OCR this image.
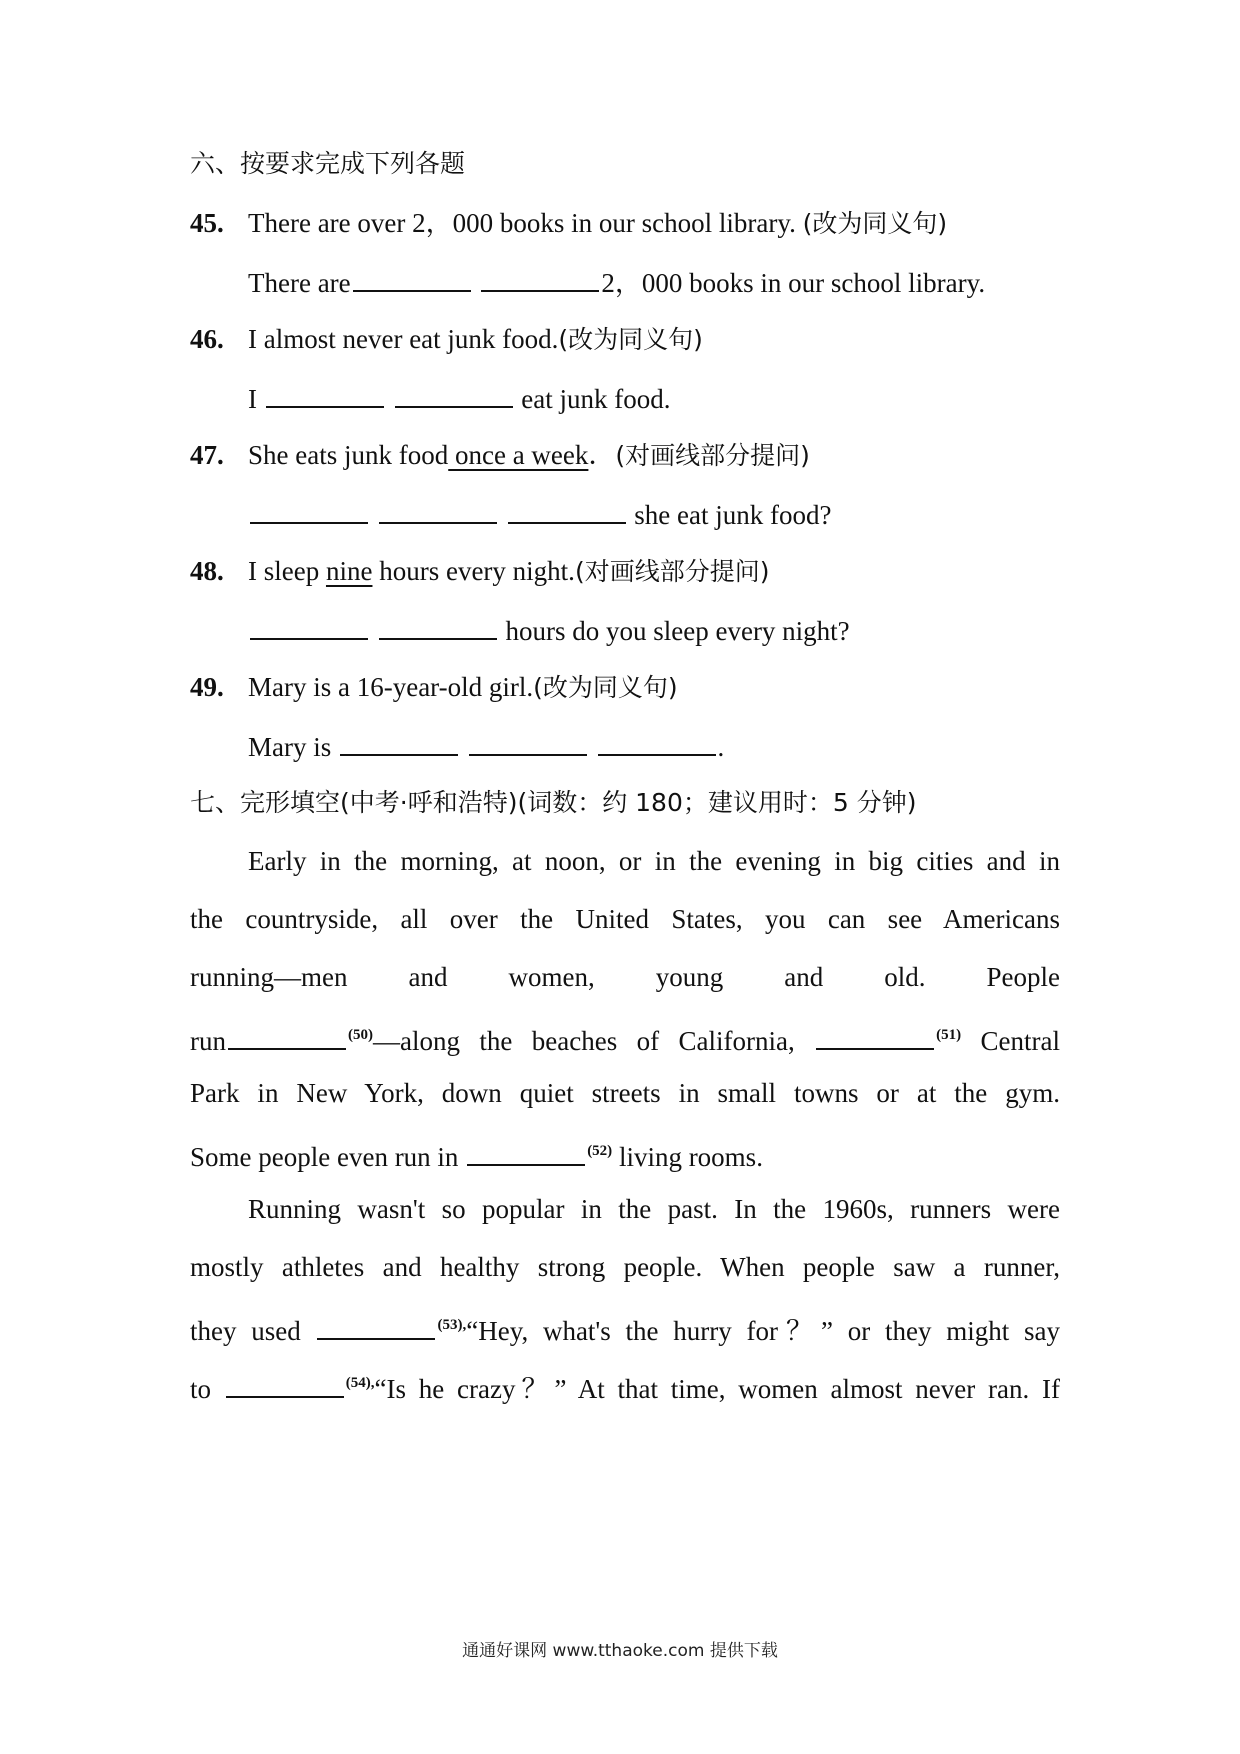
六、按要求完成下列各题
45. There are over 2，000 books in our school library. (改为同义句)
There are	2，000 books in our school library.
46. I almost never eat junk food.(改为同义句)
I	eat junk food.
47. She eats junk food once a week．(对画线部分提问)
she eat junk food?
48. I sleep nine hours every night.(对画线部分提问)
hours do you sleep every night?
49. Mary is a 16-year-old girl.(改为同义句)
Mary is	.
七、完形填空(中考·呼和浩特)(词数：约 180；建议用时：5 分钟)
Early in the morning, at noon, or in the evening in big cities and in
the countryside, all over the United States, you can see Americans
running—men and women, young and old. People
run	$^{(50)}$—along the beaches of California,	$^{(51)}$ Central
Park in New York, down quiet streets in small towns or at the gym.
Some people even run in	$^{(52)}$ living rooms.
Running wasn't so popular in the past. In the 1960s, runners were
mostly athletes and healthy strong people. When people saw a runner,
they used	$^{(53),}$“Hey, what's the hurry for？” or they might say
to	$^{(54),}$“Is he crazy？” At that time, women almost never ran. If
通通好课网 www.tthaoke.com 提供下载
